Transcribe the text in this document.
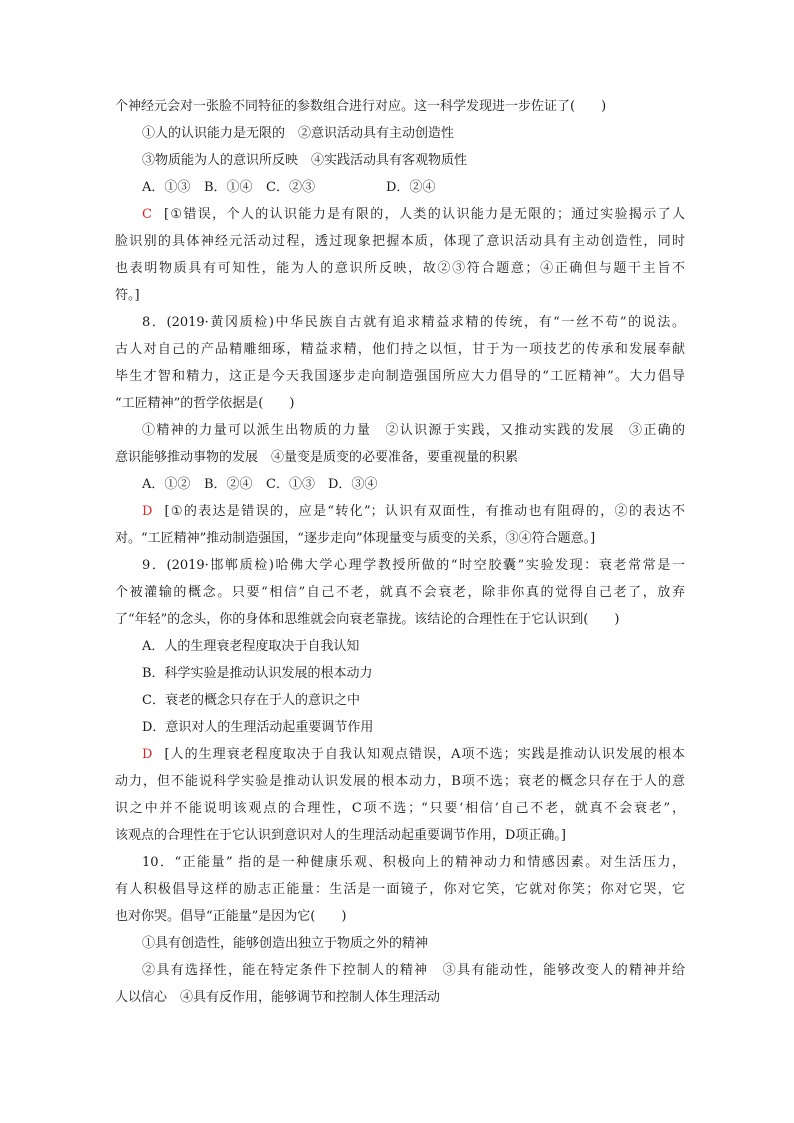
个神经元会对一张脸不同特征的参数组合进行对应。这一科学发现进一步佐证了(　　)
①人的认识能力是无限的　②意识活动具有主动创造性
③物质能为人的意识所反映　④实践活动具有客观物质性
A．①③ B．①④ C．②③	D．②④
C [①错误，个人的认识能力是有限的，人类的认识能力是无限的；通过实验揭示了人
脸识别的具体神经元活动过程，透过现象把握本质，体现了意识活动具有主动创造性，同时
也表明物质具有可知性，能为人的意识所反映，故②③符合题意；④正确但与题干主旨不
符。]
8．(2019·黄冈质检)中华民族自古就有追求精益求精的传统，有“一丝不苟”的说法。
古人对自己的产品精雕细琢，精益求精，他们持之以恒，甘于为一项技艺的传承和发展奉献
毕生才智和精力，这正是今天我国逐步走向制造强国所应大力倡导的“工匠精神”。大力倡导
“工匠精神”的哲学依据是(　　)
①精神的力量可以派生出物质的力量　②认识源于实践，又推动实践的发展　③正确的
意识能够推动事物的发展　④量变是质变的必要准备，要重视量的积累
A．①② B．②④ C．①③ D．③④
D [①的表达是错误的，应是“转化”；认识有双面性，有推动也有阻碍的，②的表达不
对。“工匠精神”推动制造强国，“逐步走向”体现量变与质变的关系，③④符合题意。]
9．(2019·邯郸质检)哈佛大学心理学教授所做的“时空胶囊”实验发现：衰老常常是一
个被灌输的概念。只要“相信”自己不老，就真不会衰老，除非你真的觉得自己老了，放弃
了“年轻”的念头，你的身体和思维就会向衰老靠拢。该结论的合理性在于它认识到(　　)
A．人的生理衰老程度取决于自我认知
B．科学实验是推动认识发展的根本动力
C．衰老的概念只存在于人的意识之中
D．意识对人的生理活动起重要调节作用
D [人的生理衰老程度取决于自我认知观点错误，A项不选；实践是推动认识发展的根本
动力，但不能说科学实验是推动认识发展的根本动力，B项不选；衰老的概念只存在于人的意
识之中并不能说明该观点的合理性，C项不选；“只要‘相信’自己不老，就真不会衰老”，
该观点的合理性在于它认识到意识对人的生理活动起重要调节作用，D项正确。]
10．“正能量” 指的是一种健康乐观、积极向上的精神动力和情感因素。对生活压力，
有人积极倡导这样的励志正能量：生活是一面镜子，你对它笑，它就对你笑；你对它哭，它
也对你哭。倡导“正能量”是因为它(　　)
①具有创造性，能够创造出独立于物质之外的精神
②具有选择性，能在特定条件下控制人的精神　③具有能动性，能够改变人的精神并给
人以信心　④具有反作用，能够调节和控制人体生理活动
